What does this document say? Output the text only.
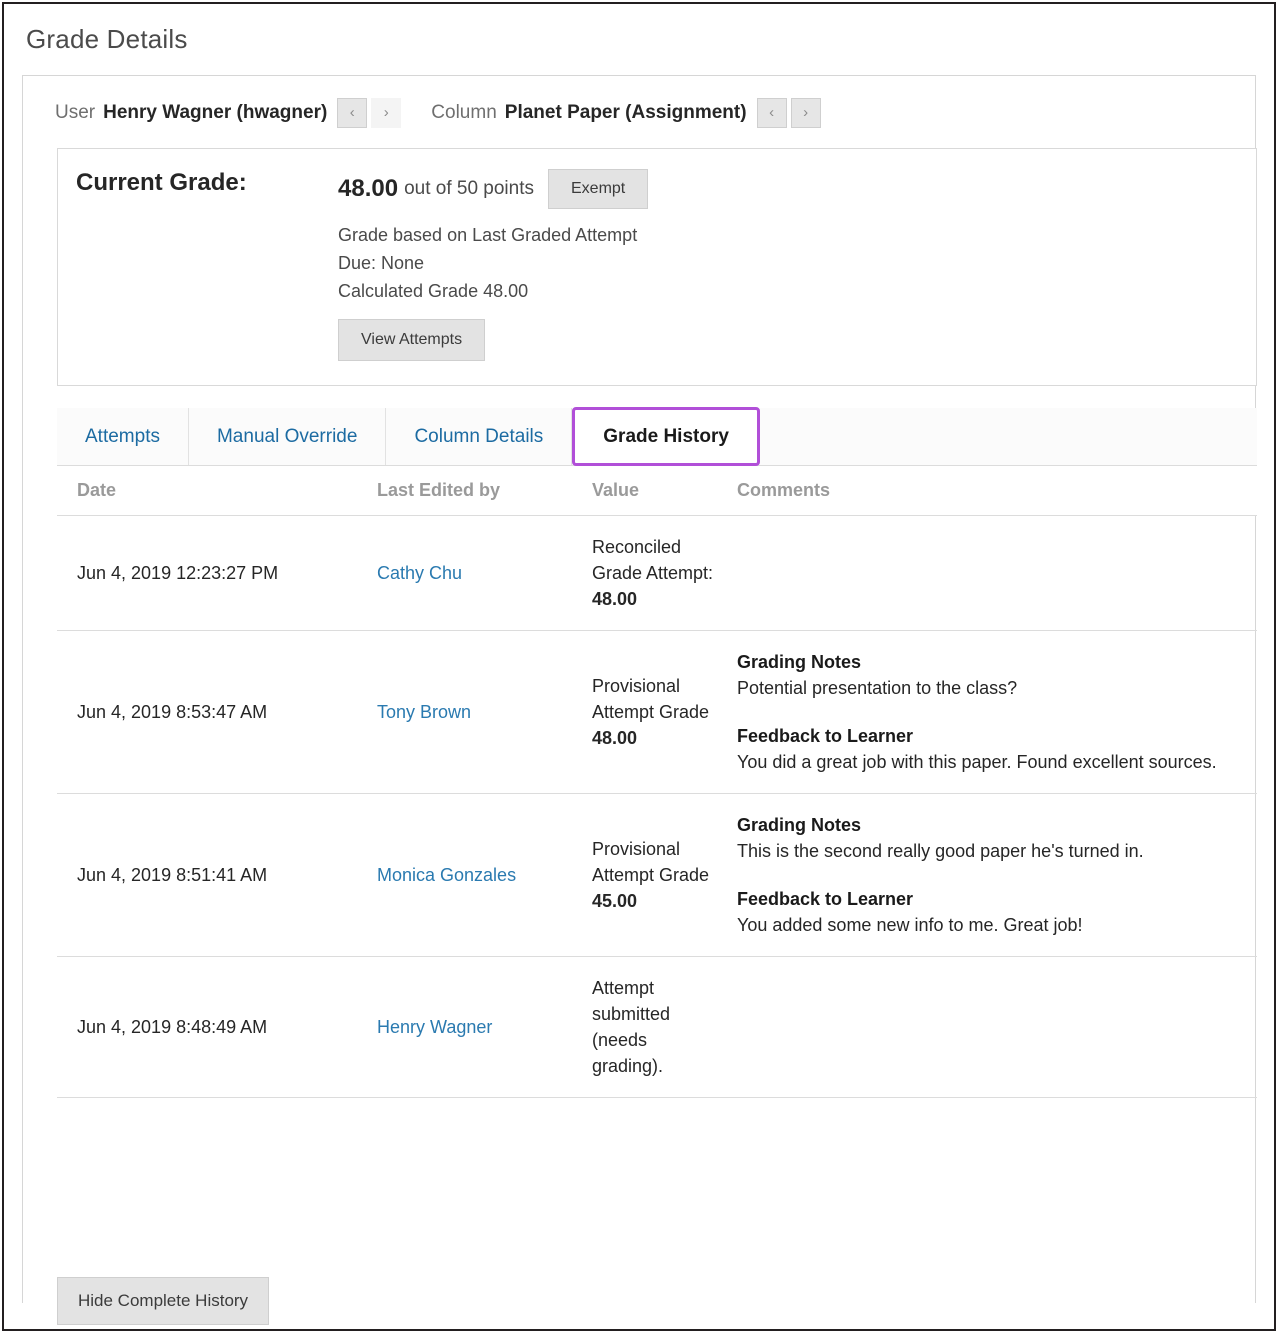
Grade Details
User Henry Wagner (hwagner)	‹	›	Column Planet Paper (Assignment)	‹	›
Current Grade:	48.00 out of 50 points	Exempt
Grade based on Last Graded Attempt
Due: None
Calculated Grade 48.00
View Attempts
Attempts	Manual Override	Column Details	Grade History
Date	Last Edited by	Value	Comments
Jun 4, 2019 12:23:27 PM	Cathy Chu	Reconciled Grade Attempt:
48.00	

Jun 4, 2019 8:53:47 AM	Tony Brown	Provisional Attempt Grade
48.00

Grading Notes
Potential presentation to the class?
Feedback to Learner
You did a great job with this paper. Found excellent sources.

Jun 4, 2019 8:51:41 AM	Monica Gonzales	Provisional Attempt Grade
45.00

Grading Notes
This is the second really good paper he's turned in.
Feedback to Learner
You added some new info to me. Great job!

Jun 4, 2019 8:48:49 AM	Henry Wagner	Attempt submitted (needs grading).	
Hide Complete History
